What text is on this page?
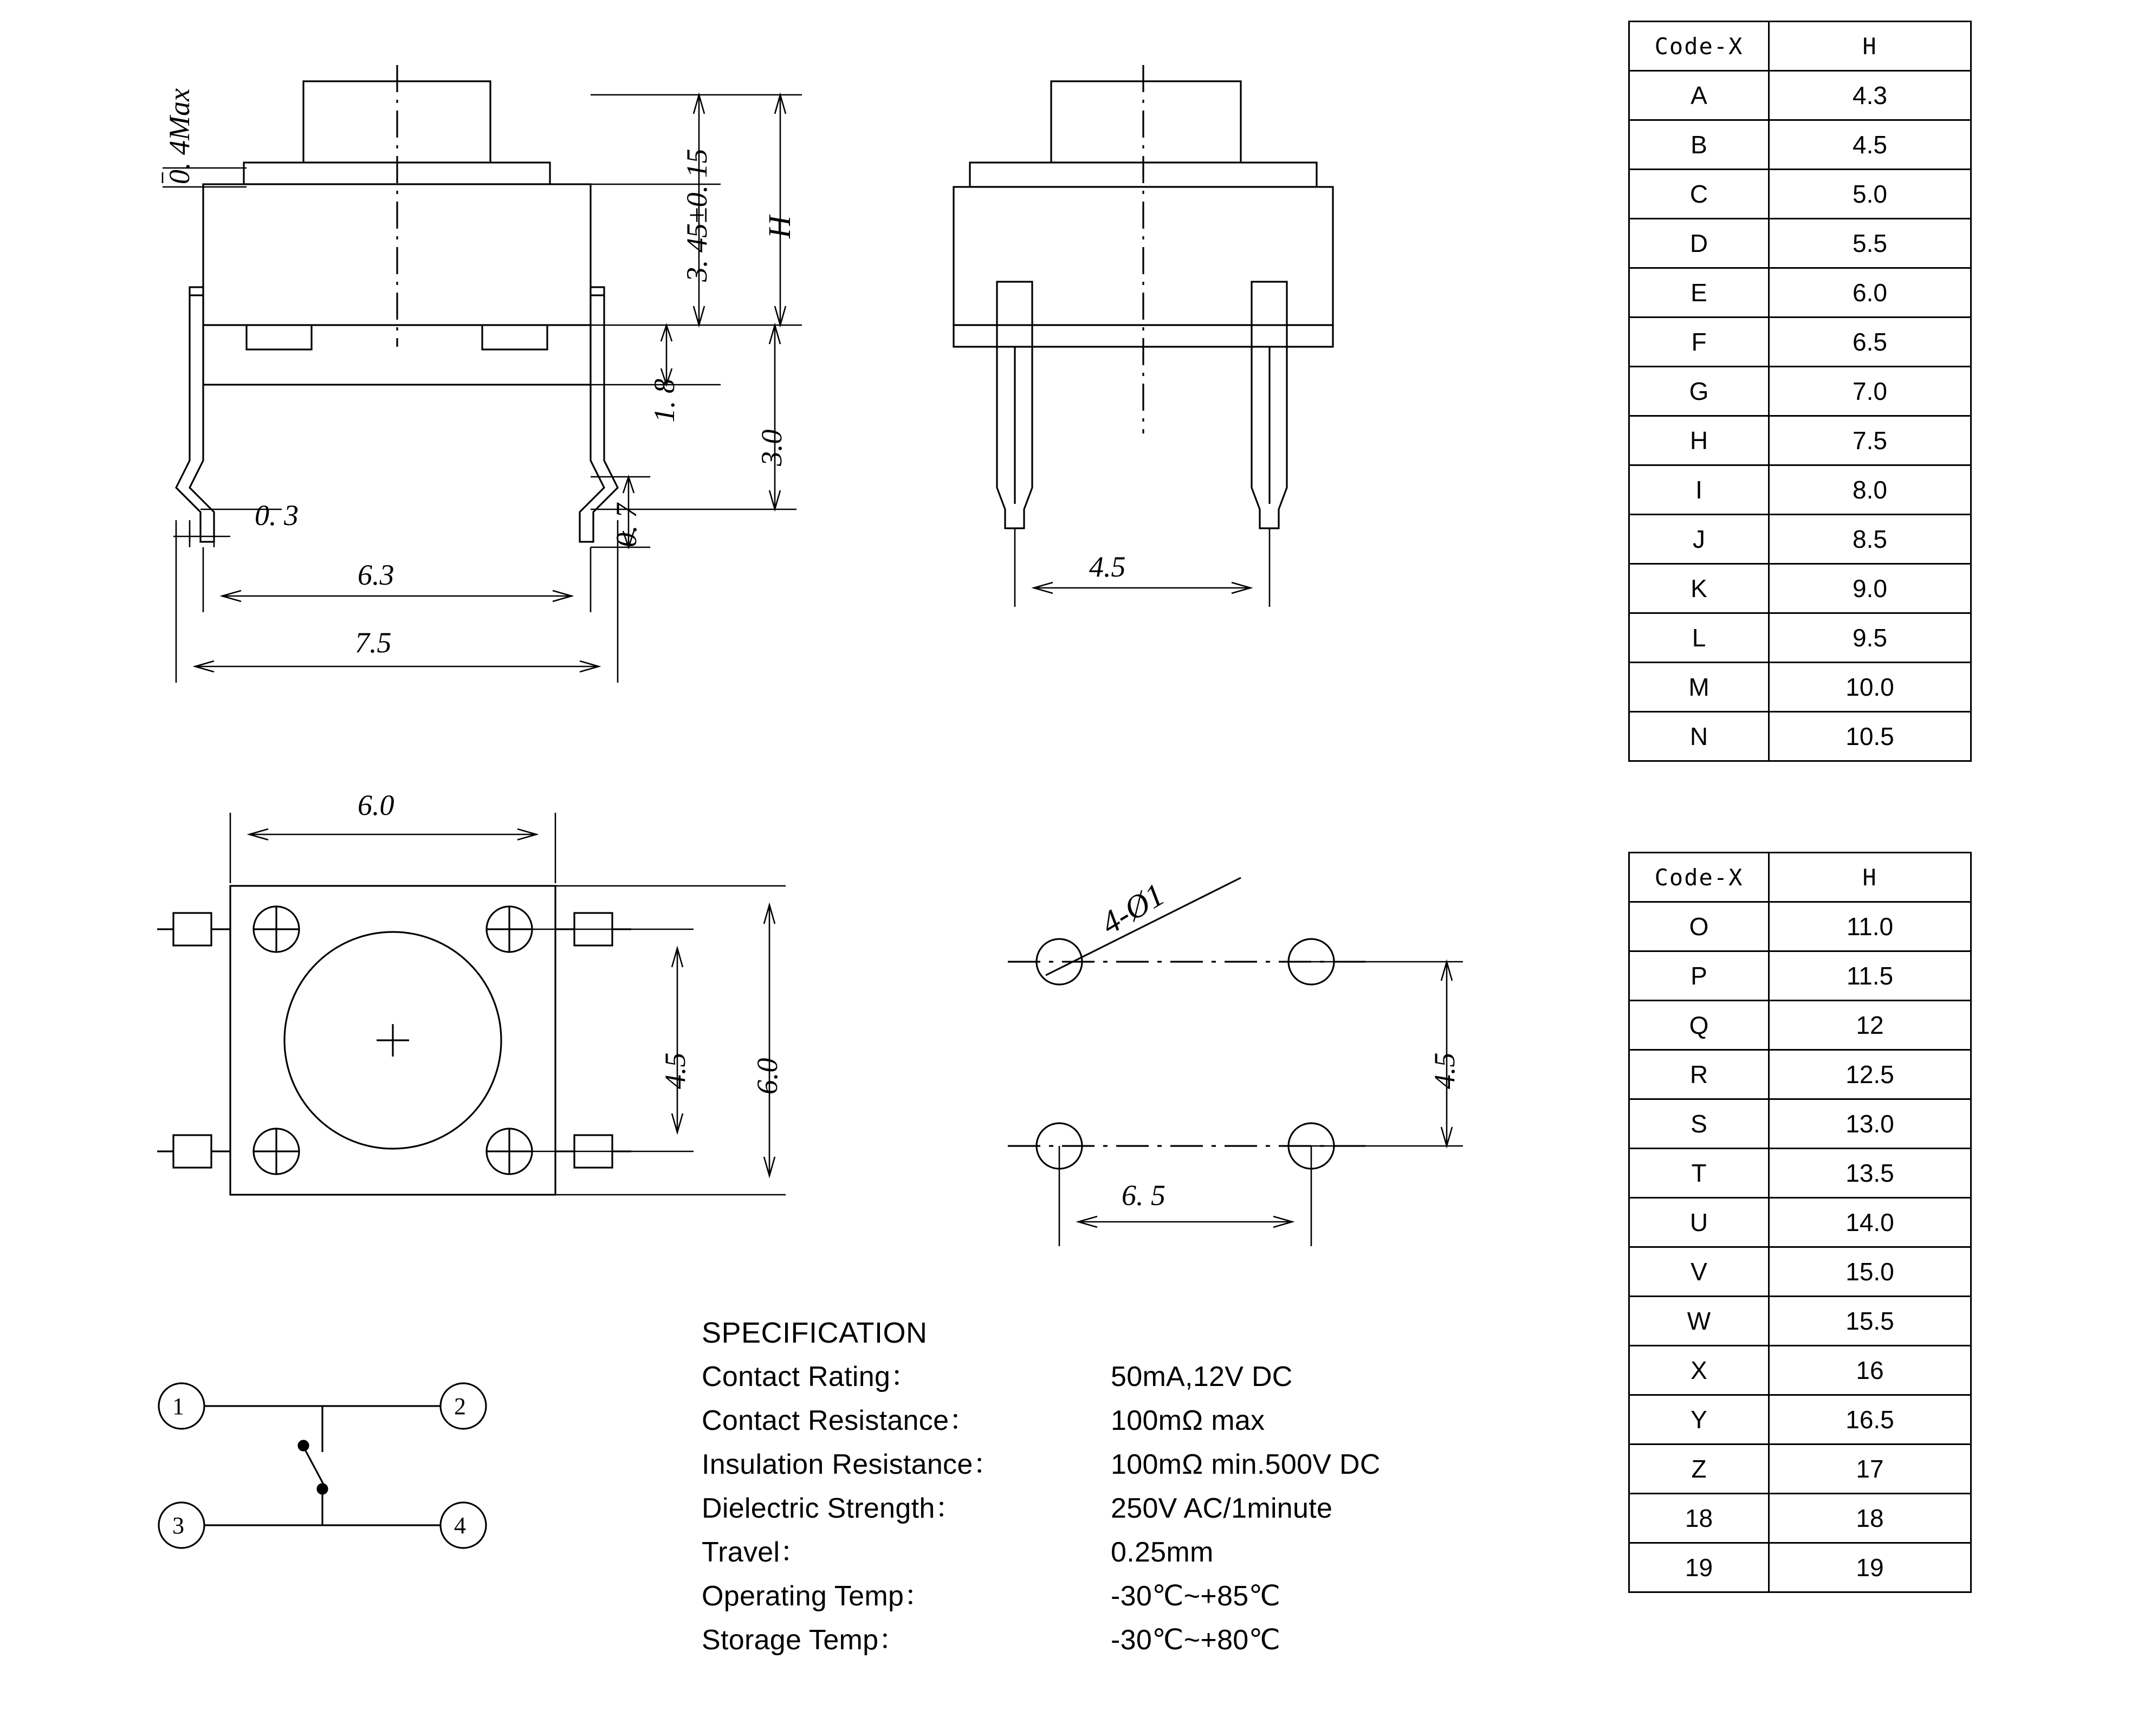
0. 4Max
H
3. 45±0. 15
1. 8
3.0
0. 3	0. 7
6.3
7.5
4.5
6.0
6.0
4.5
4-Ø1
4.5
6. 5
1	2
3	4
SPECIFICATION
Contact Rating：	50mA,12V DC
Contact Resistance：	100mΩ max
Insulation Resistance：	100mΩ min.500V DC
Dielectric Strength：	250V AC/1minute
Travel：	0.25mm
Operating Temp：	-30℃~+85℃
Storage Temp：	-30℃~+80℃
Code-X	H
A	4.3
B	4.5
C	5.0
D	5.5
E	6.0
F	6.5
G	7.0
H	7.5
I	8.0
J	8.5
K	9.0
L	9.5
M	10.0
N	10.5
Code-X	H
O	11.0
P	11.5
Q	12
R	12.5
S	13.0
T	13.5
U	14.0
V	15.0
W	15.5
X	16
Y	16.5
Z	17
18	18
19	19
